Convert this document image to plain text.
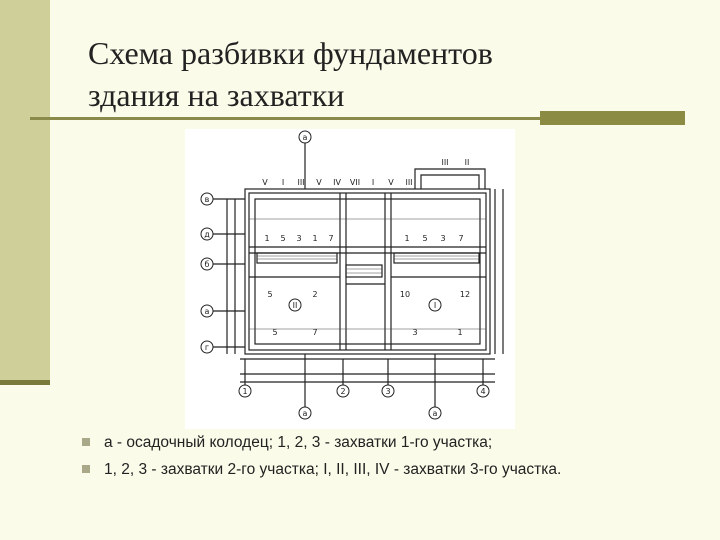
Схема разбивки фундаментов
здания на захватки
а
в
д
б
а
г
1	2	3	4
а	а
II	I
1 5 3 1 7	1 5 3 7
5	2	10	12
5	7	3	1
V I III V IV VII I V III
III II
а - осадочный колодец; 1, 2, 3 - захватки 1-го участка;
1, 2, 3 - захватки 2-го участка; I, II, III, IV - захватки 3-го участка.
